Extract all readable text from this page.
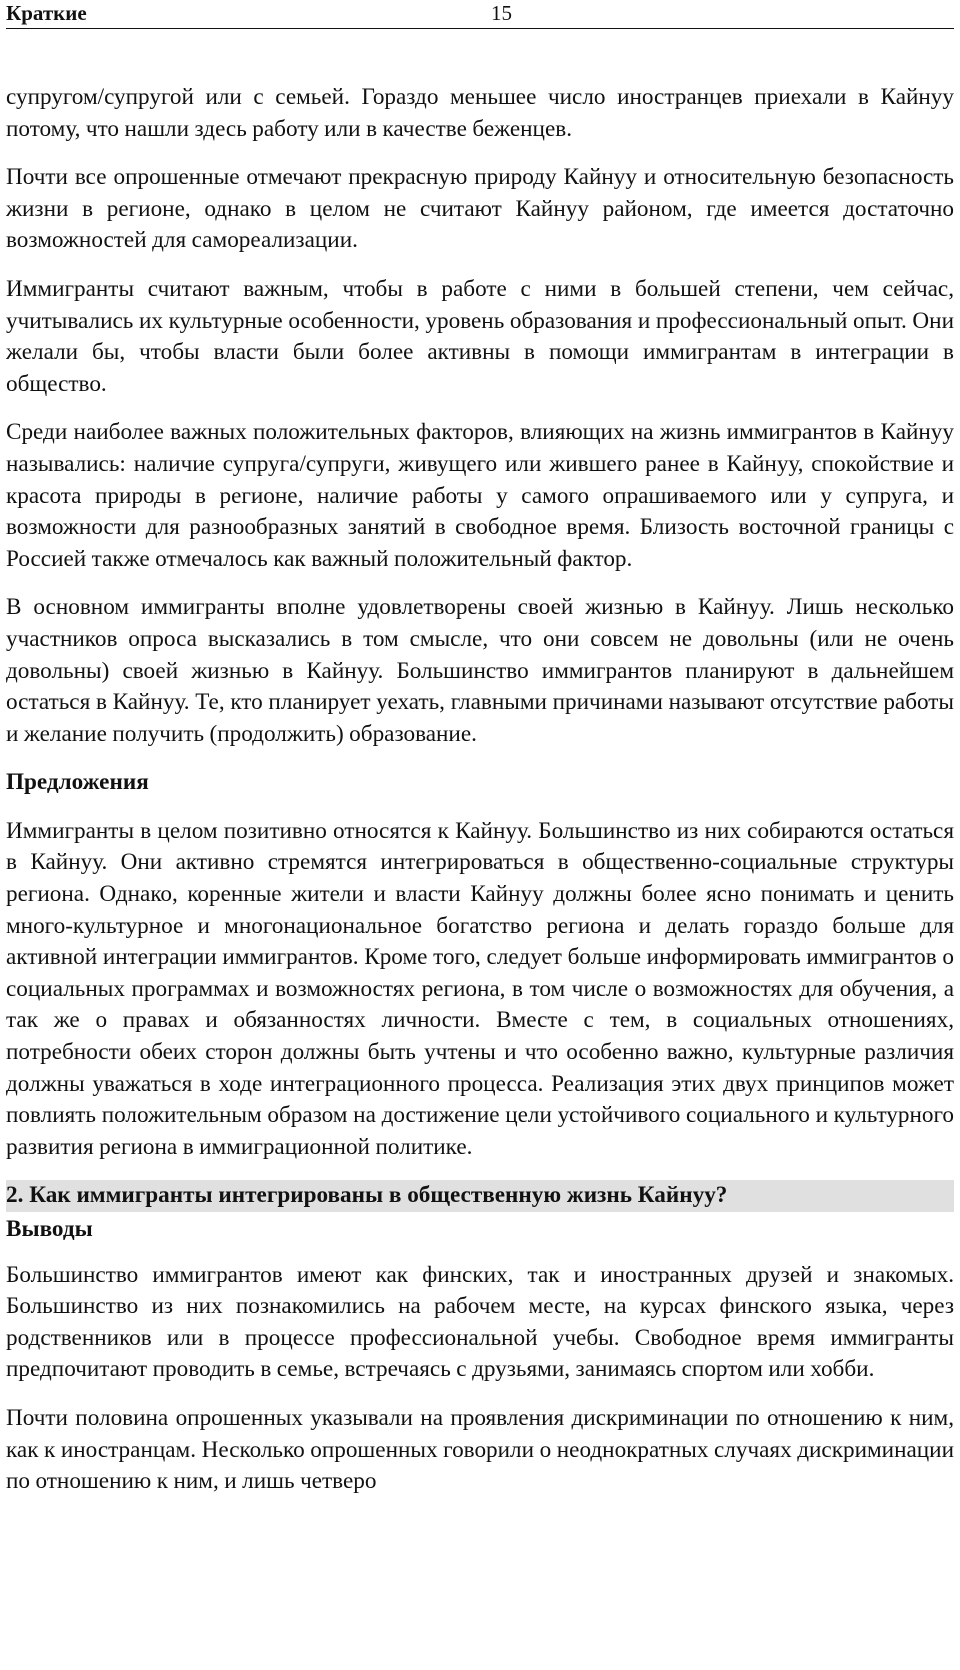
Краткие	15

супругом/супругой или с семьей. Гораздо меньшее число иностранцев приехали в Кайнуу потому, что нашли здесь работу или в качестве беженцев.

Почти все опрошенные отмечают прекрасную природу Кайнуу и относительную безопасность жизни в регионе, однако в целом не считают Кайнуу районом, где имеется достаточно возможностей для самореализации.

Иммигранты считают важным, чтобы в работе с ними в большей степени, чем сейчас, учитывались их культурные особенности, уровень образования и профессиональный опыт. Они желали бы, чтобы власти были более активны в помощи иммигрантам в интеграции в общество.

Среди наиболее важных положительных факторов, влияющих на жизнь иммигрантов в Кайнуу назывались: наличие супруга/супруги, живущего или жившего ранее в Кайнуу, спокойствие и красота природы в регионе, наличие работы у самого опрашиваемого или у супруга, и возможности для разнообразных занятий в свободное время. Близость восточной границы с Россией также отмечалось как важный положительный фактор.

В основном иммигранты вполне удовлетворены своей жизнью в Кайнуу. Лишь несколько участников опроса высказались в том смысле, что они совсем не довольны (или не очень довольны) своей жизнью в Кайнуу. Большинство иммигрантов планируют в дальнейшем остаться в Кайнуу. Те, кто планирует уехать, главными причинами называют отсутствие работы и желание получить (продолжить) образование.

Предложения

Иммигранты в целом позитивно относятся к Кайнуу. Большинство из них собираются остаться в Кайнуу. Они активно стремятся интегрироваться в общественно-социальные структуры региона. Однако, коренные жители и власти Кайнуу должны более ясно понимать и ценить много-культурное и многонациональное богатство региона и делать гораздо больше для активной интеграции иммигрантов. Кроме того, следует больше информировать иммигрантов о социальных программах и возможностях региона, в том числе о возможностях для обучения, а так же о правах и обязанностях личности. Вместе с тем, в социальных отношениях, потребности обеих сторон должны быть учтены и что особенно важно, культурные различия должны уважаться в ходе интеграционного процесса. Реализация этих двух принципов может повлиять положительным образом на достижение цели устойчивого социального и культурного развития региона в иммиграционной политике.

2. Как иммигранты интегрированы в общественную жизнь Кайнуу?
Выводы

Большинство иммигрантов имеют как финских, так и иностранных друзей и знакомых. Большинство из них познакомились на рабочем месте, на курсах финского языка, через родственников или в процессе профессиональной учебы. Свободное время иммигранты предпочитают проводить в семье, встречаясь с друзьями, занимаясь спортом или хобби.

Почти половина опрошенных указывали на проявления дискриминации по отношению к ним, как к иностранцам. Несколько опрошенных говорили о неоднократных случаях дискриминации по отношению к ним, и лишь четверо
